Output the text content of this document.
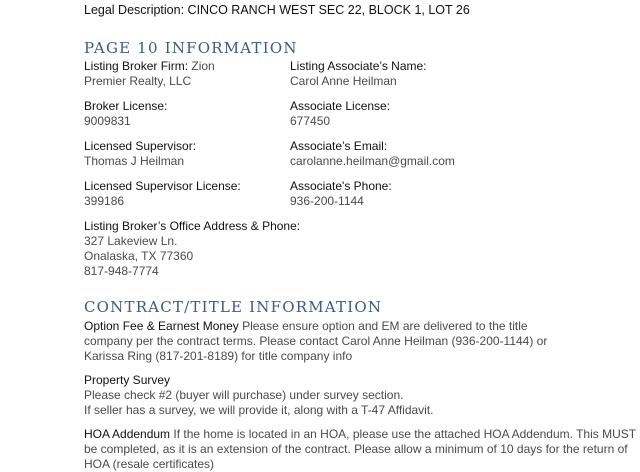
Legal Description: CINCO RANCH WEST SEC 22, BLOCK 1, LOT 26
PAGE 10 INFORMATION
Listing Broker Firm: Zion
Premier Realty, LLC
Broker License:
9009831
Licensed Supervisor:
Thomas J Heilman
Licensed Supervisor License:
399186
Listing Associate’s Name:
Carol Anne Heilman
Associate License:
677450
Associate’s Email:
carolanne.heilman@gmail.com
Associate's Phone:
936-200-1144
Listing Broker’s Office Address & Phone:
327 Lakeview Ln.
Onalaska, TX 77360
817-948-7774
CONTRACT/TITLE INFORMATION
Option Fee & Earnest Money Please ensure option and EM are delivered to the title
company per the contract terms. Please contact Carol Anne Heilman (936-200-1144) or
Karissa Ring (817-201-8189) for title company info
Property Survey
Please check #2 (buyer will purchase) under survey section.
If seller has a survey, we will provide it, along with a T-47 Affidavit.
HOA Addendum If the home is located in an HOA, please use the attached HOA Addendum. This MUST
be completed, as it is an extension of the contract. Please allow a minimum of 10 days for the return of
HOA (resale certificates)
